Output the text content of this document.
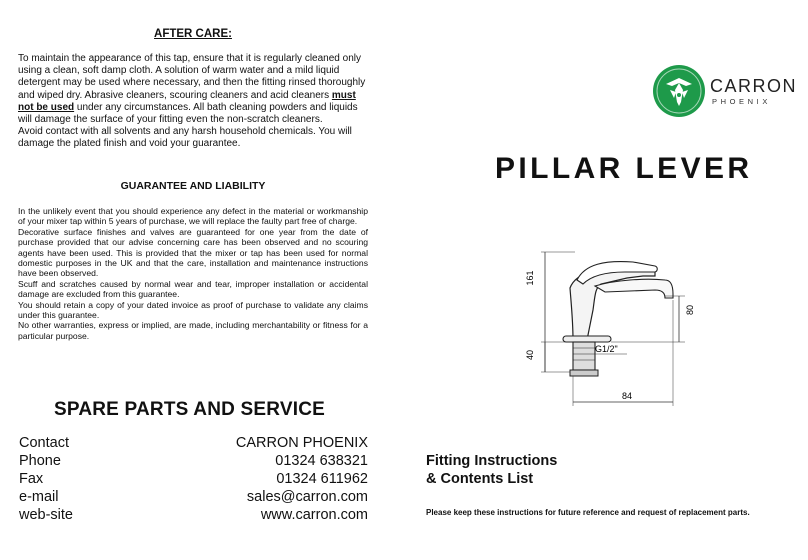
AFTER CARE:

To maintain the appearance of this tap, ensure that it is regularly cleaned only using a clean, soft damp cloth. A solution of warm water and a mild liquid detergent may be used where necessary, and then the fitting rinsed thoroughly and wiped dry. Abrasive cleaners, scouring cleaners and acid cleaners must not be used under any circumstances. All bath cleaning powders and liquids will damage the surface of your fitting even the non-scratch cleaners.

Avoid contact with all solvents and any harsh household chemicals. You will damage the plated finish and void your guarantee.

GUARANTEE AND LIABILITY

In the unlikely event that you should experience any defect in the material or workmanship of your mixer tap within 5 years of purchase, we will replace the faulty part free of charge.

Decorative surface finishes and valves are guaranteed for one year from the date of purchase provided that our advise concerning care has been observed and no scouring agents have been used. This is provided that the mixer or tap has been used for normal domestic purposes in the UK and that the care, installation and maintenance instructions have been observed.

Scuff and scratches caused by normal wear and tear, improper installation or accidental damage are excluded from this guarantee.

You should retain a copy of your dated invoice as proof of purchase to validate any claims under this guarantee.

No other warranties, express or implied, are made, including merchantability or fitness for a particular purpose.

SPARE PARTS AND SERVICE
Contact	CARRON PHOENIX
Phone	01324 638321
Fax	01324 611962
e-mail	sales@carron.com
web-site	www.carron.com
CARRON
PHOENIX
PILLAR LEVER
161
40
G1/2"
80
84
Fitting Instructions
& Contents List
Please keep these instructions for future reference and request of replacement parts.
